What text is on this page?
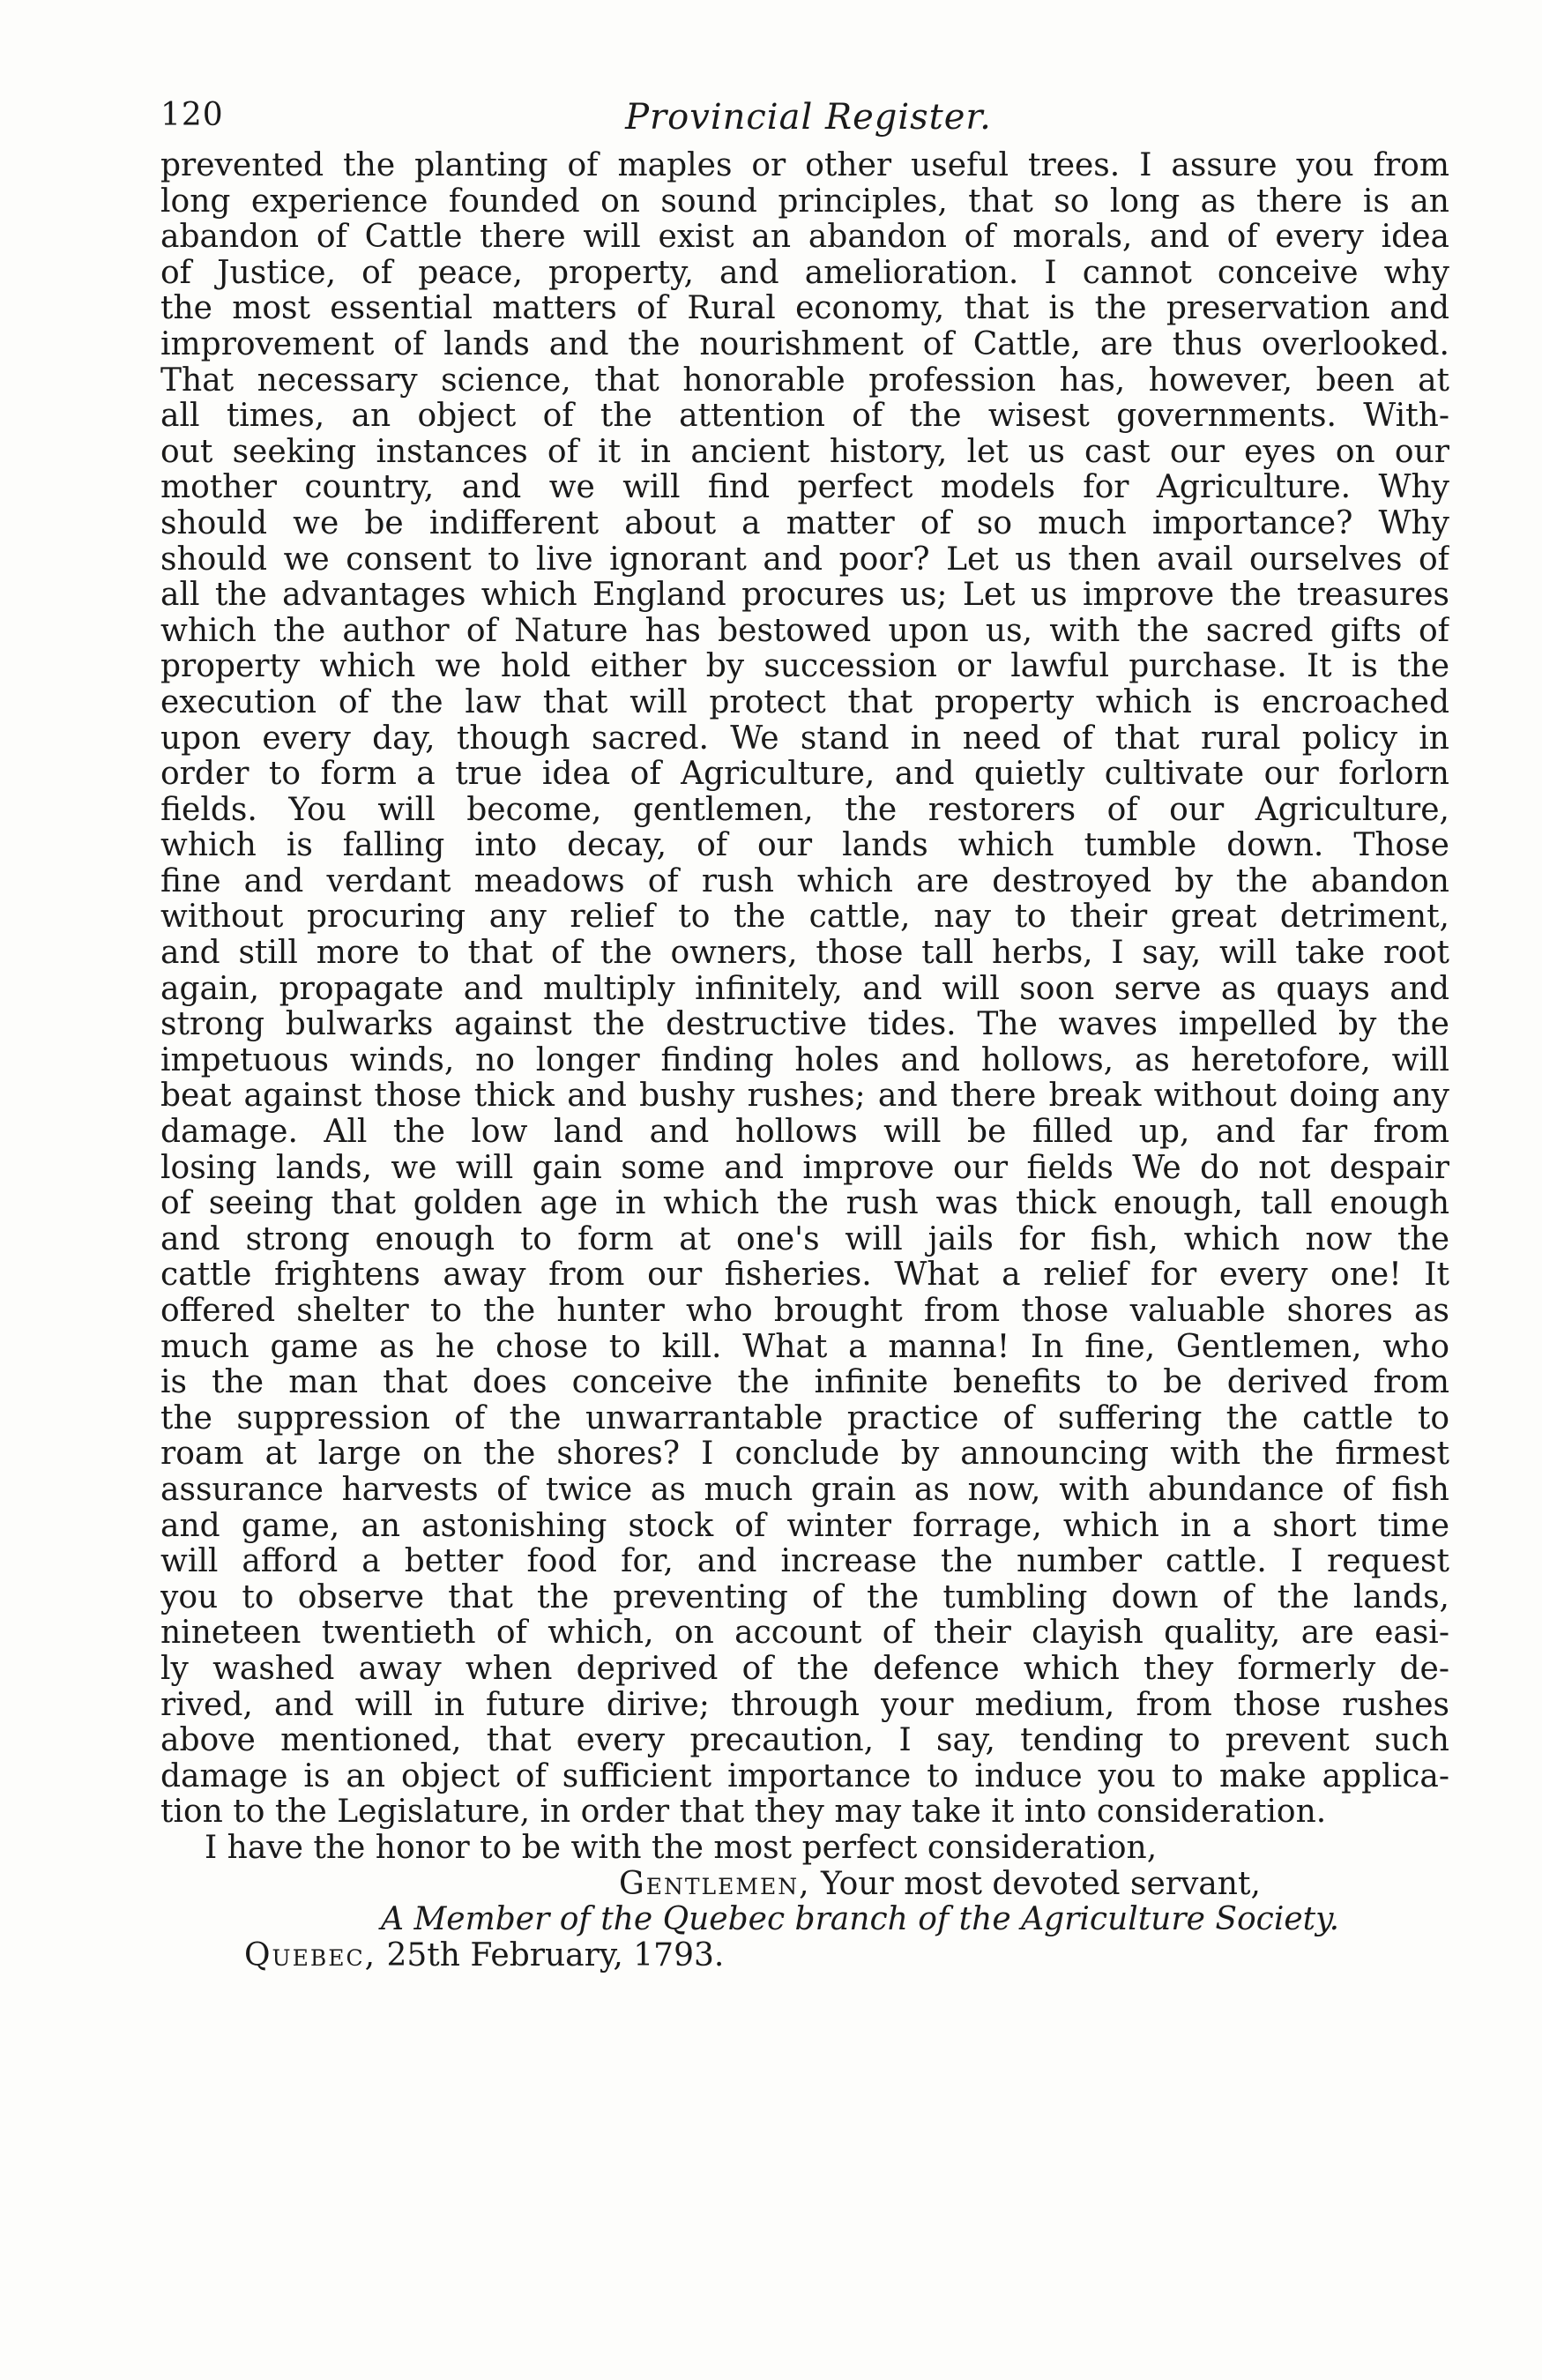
120	Provincial Register.
prevented the planting of maples or other useful trees. I assure you from
long experience founded on sound principles, that so long as there is an
abandon of Cattle there will exist an abandon of morals, and of every idea
of Justice, of peace, property, and amelioration. I cannot conceive why
the most essential matters of Rural economy, that is the preservation and
improvement of lands and the nourishment of Cattle, are thus overlooked.
That necessary science, that honorable profession has, however, been at
all times, an object of the attention of the wisest governments. With-
out seeking instances of it in ancient history, let us cast our eyes on our
mother country, and we will find perfect models for Agriculture. Why
should we be indifferent about a matter of so much importance? Why
should we consent to live ignorant and poor? Let us then avail ourselves of
all the advantages which England procures us; Let us improve the treasures
which the author of Nature has bestowed upon us, with the sacred gifts of
property which we hold either by succession or lawful purchase. It is the
execution of the law that will protect that property which is encroached
upon every day, though sacred. We stand in need of that rural policy in
order to form a true idea of Agriculture, and quietly cultivate our forlorn
fields. You will become, gentlemen, the restorers of our Agriculture,
which is falling into decay, of our lands which tumble down. Those
fine and verdant meadows of rush which are destroyed by the abandon
without procuring any relief to the cattle, nay to their great detriment,
and still more to that of the owners, those tall herbs, I say, will take root
again, propagate and multiply infinitely, and will soon serve as quays and
strong bulwarks against the destructive tides. The waves impelled by the
impetuous winds, no longer finding holes and hollows, as heretofore, will
beat against those thick and bushy rushes; and there break without doing any
damage. All the low land and hollows will be filled up, and far from
losing lands, we will gain some and improve our fields We do not despair
of seeing that golden age in which the rush was thick enough, tall enough
and strong enough to form at one's will jails for fish, which now the
cattle frightens away from our fisheries. What a relief for every one! It
offered shelter to the hunter who brought from those valuable shores as
much game as he chose to kill. What a manna! In fine, Gentlemen, who
is the man that does conceive the infinite benefits to be derived from
the suppression of the unwarrantable practice of suffering the cattle to
roam at large on the shores? I conclude by announcing with the firmest
assurance harvests of twice as much grain as now, with abundance of fish
and game, an astonishing stock of winter forrage, which in a short time
will afford a better food for, and increase the number cattle. I request
you to observe that the preventing of the tumbling down of the lands,
nineteen twentieth of which, on account of their clayish quality, are easi-
ly washed away when deprived of the defence which they formerly de-
rived, and will in future dirive; through your medium, from those rushes
above mentioned, that every precaution, I say, tending to prevent such
damage is an object of sufficient importance to induce you to make applica-
tion to the Legislature, in order that they may take it into consideration.
I have the honor to be with the most perfect consideration,
Gentlemen, Your most devoted servant,
A Member of the Quebec branch of the Agriculture Society.
Quebec, 25th February, 1793.
